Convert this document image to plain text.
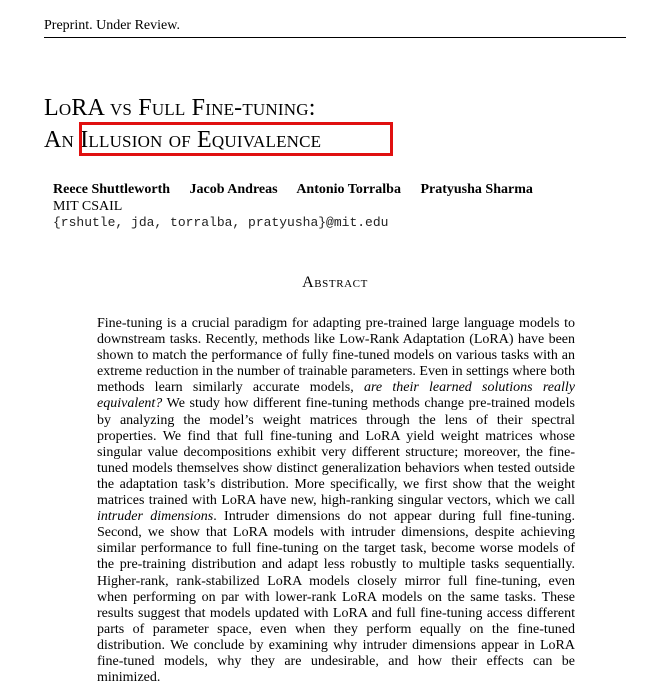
Preprint. Under Review.
LoRA vs Full Fine-tuning:
An Illusion of Equivalence
Reece Shuttleworth Jacob Andreas Antonio Torralba Pratyusha Sharma
MIT CSAIL
{rshutle, jda, torralba, pratyusha}@mit.edu
Abstract
Fine-tuning is a crucial paradigm for adapting pre-trained large language models to downstream tasks. Recently, methods like Low-Rank Adaptation (LoRA) have been shown to match the performance of fully fine-tuned models on various tasks with an extreme reduction in the number of trainable parameters. Even in settings where both methods learn similarly accurate models, are their learned solutions really equivalent? We study how different fine-tuning methods change pre-trained models by analyzing the model’s weight matrices through the lens of their spectral properties. We find that full fine-tuning and LoRA yield weight matrices whose singular value decompositions exhibit very different structure; moreover, the fine-tuned models themselves show distinct generalization behaviors when tested outside the adaptation task’s distribution. More specifically, we first show that the weight matrices trained with LoRA have new, high-ranking singular vectors, which we call intruder dimensions. Intruder dimensions do not appear during full fine-tuning. Second, we show that LoRA models with intruder dimensions, despite achieving similar performance to full fine-tuning on the target task, become worse models of the pre-training distribution and adapt less robustly to multiple tasks sequentially. Higher-rank, rank-stabilized LoRA models closely mirror full fine-tuning, even when performing on par with lower-rank LoRA models on the same tasks. These results suggest that models updated with LoRA and full fine-tuning access different parts of parameter space, even when they perform equally on the fine-tuned distribution. We conclude by examining why intruder dimensions appear in LoRA fine-tuned models, why they are undesirable, and how their effects can be minimized.
